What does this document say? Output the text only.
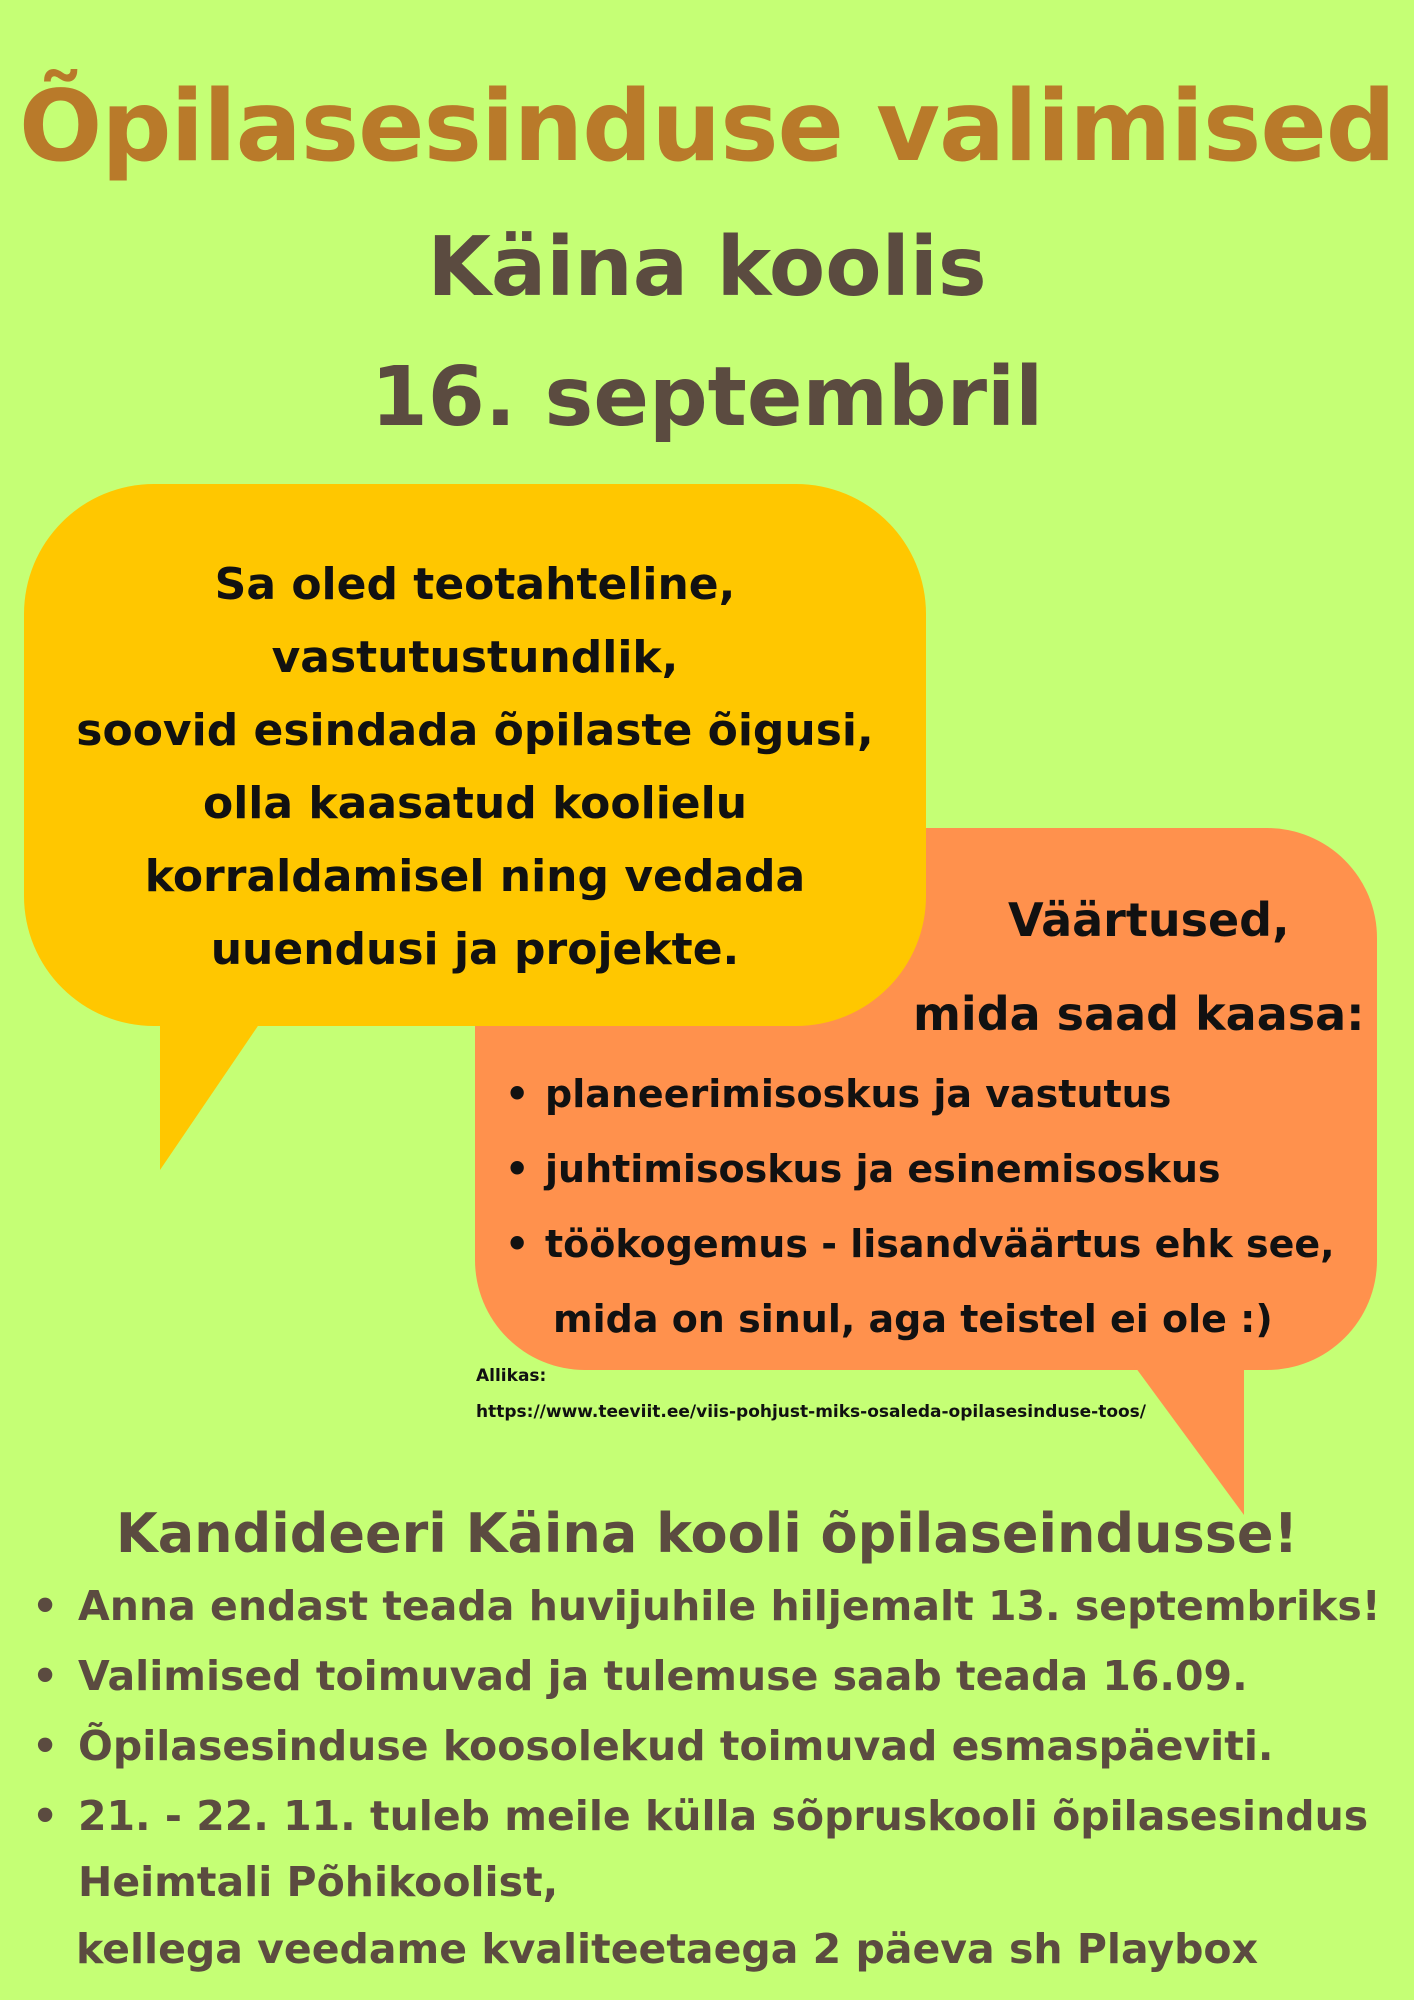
Õpilasesinduse valimised
Käina koolis
16. septembril
Sa oled teotahteline,
vastutustundlik,
soovid esindada õpilaste õigusi,
olla kaasatud koolielu
korraldamisel ning vedada
uuendusi ja projekte.
Väärtused,
mida saad kaasa:
• planeerimisoskus ja vastutus
• juhtimisoskus ja esinemisoskus
• töökogemus - lisandväärtus ehk see,
mida on sinul, aga teistel ei ole :)
Allikas:
https://www.teeviit.ee/viis-pohjust-miks-osaleda-opilasesinduse-toos/
Kandideeri Käina kooli õpilaseindusse!
• Anna endast teada huvijuhile hiljemalt 13. septembriks!
• Valimised toimuvad ja tulemuse saab teada 16.09.
• Õpilasesinduse koosolekud toimuvad esmaspäeviti.
• 21. - 22. 11. tuleb meile külla sõpruskooli õpilasesindus
Heimtali Põhikoolist,
kellega veedame kvaliteetaega 2 päeva sh Playbox
